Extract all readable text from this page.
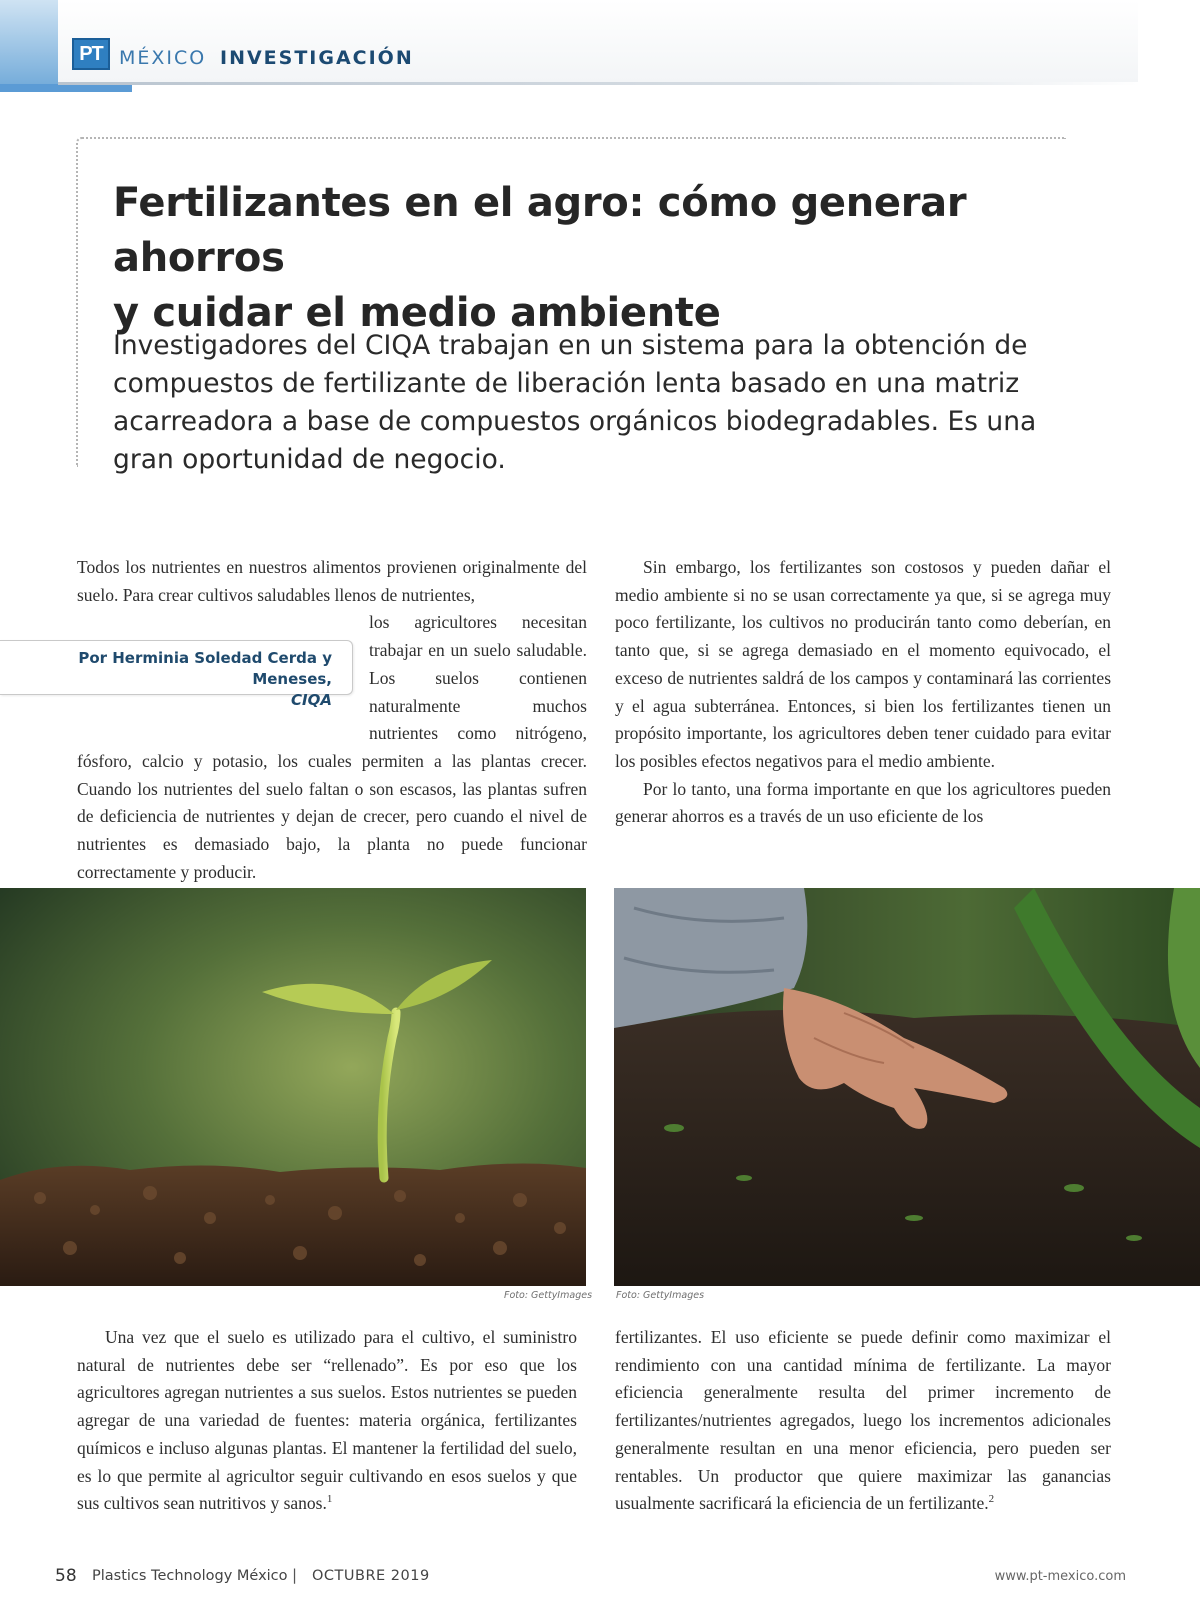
PT MÉXICO INVESTIGACIÓN
Fertilizantes en el agro: cómo generar ahorros
y cuidar el medio ambiente

Investigadores del CIQA trabajan en un sistema para la obtención de compuestos de fertilizante de liberación lenta basado en una matriz acarreadora a base de compuestos orgánicos biodegradables. Es una gran oportunidad de negocio.

Por Herminia Soledad Cerda y Meneses,
CIQA

Todos los nutrientes en nuestros alimentos provienen originalmente del suelo. Para crear cultivos saludables llenos de nutrientes,

los agricultores necesitan trabajar en un suelo saludable. Los suelos contienen naturalmente muchos nutrientes como nitrógeno, fósforo, calcio y potasio, los cuales permiten a las plantas crecer. Cuando los nutrientes del suelo faltan o son escasos, las plantas sufren de deficiencia de nutrientes y dejan de crecer, pero cuando el nivel de nutrientes es demasiado bajo, la planta no puede funcionar correctamente y producir.

Sin embargo, los fertilizantes son costosos y pueden dañar el medio ambiente si no se usan correctamente ya que, si se agrega muy poco fertilizante, los cultivos no producirán tanto como deberían, en tanto que, si se agrega demasiado en el momento equivocado, el exceso de nutrientes saldrá de los campos y contaminará las corrientes y el agua subterránea. Entonces, si bien los fertilizantes tienen un propósito importante, los agricultores deben tener cuidado para evitar los posibles efectos negativos para el medio ambiente.

Por lo tanto, una forma importante en que los agricultores pueden generar ahorros es a través de un uso eficiente de los

Foto: GettyImages	Foto: GettyImages

Una vez que el suelo es utilizado para el cultivo, el suministro natural de nutrientes debe ser “rellenado”. Es por eso que los agricultores agregan nutrientes a sus suelos. Estos nutrientes se pueden agregar de una variedad de fuentes: materia orgánica, fertilizantes químicos e incluso algunas plantas. El mantener la fertilidad del suelo, es lo que permite al agricultor seguir cultivando en esos suelos y que sus cultivos sean nutritivos y sanos.$^1$

fertilizantes. El uso eficiente se puede definir como maximizar el rendimiento con una cantidad mínima de fertilizante. La mayor eficiencia generalmente resulta del primer incremento de fertilizantes/nutrientes agregados, luego los incrementos adicionales generalmente resultan en una menor eficiencia, pero pueden ser rentables. Un productor que quiere maximizar las ganancias usualmente sacrificará la eficiencia de un fertilizante.$^2$

58 Plastics Technology México | OCTUBRE 2019	www.pt-mexico.com
